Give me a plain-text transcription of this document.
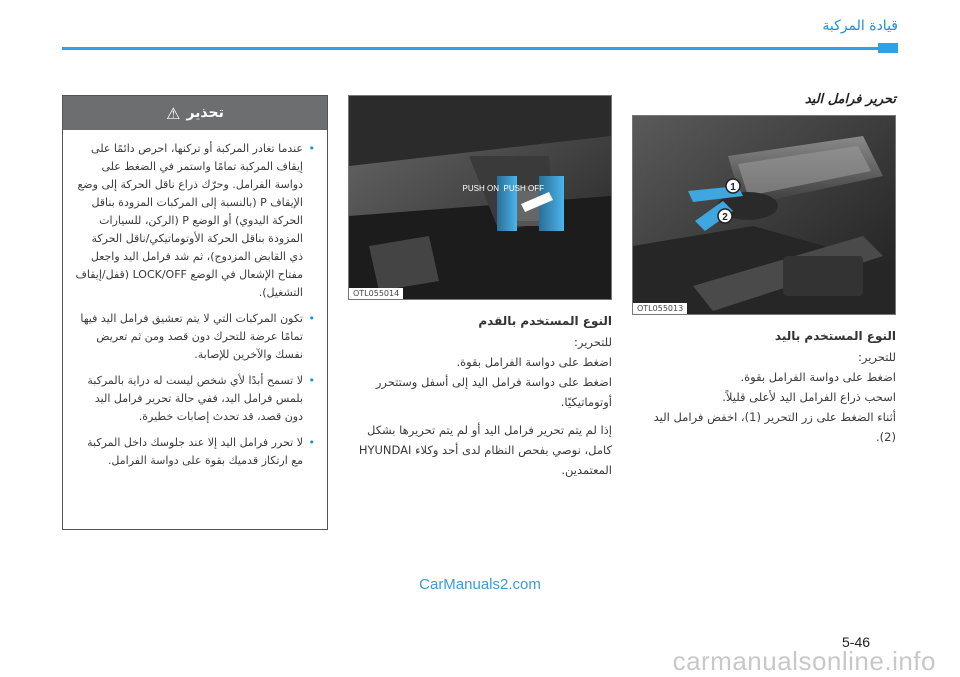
قيادة المركبة
تحرير فرامل اليد
1
2
OTL055013
النوع المستخدم باليد

للتحرير:

اضغط على دواسة الفرامل بقوة.

اسحب ذراع الفرامل اليد لأعلى قليلاً.

أثناء الضغط على زر التحرير (1)، اخفض فرامل اليد (2).

PUSH ON PUSH OFF
OTL055014
النوع المستخدم بالقدم

للتحرير:

اضغط على دواسة الفرامل بقوة.

اضغط على دواسة فرامل اليد إلى أسفل وستتحرر أوتوماتيكيًا.

إذا لم يتم تحرير فرامل اليد أو لم يتم تحريرها بشكل كامل، نوصي بفحص النظام لدى أحد وكلاء HYUNDAI المعتمدين.

تحذير
⚠
• عندما تغادر المركبة أو تركنها، احرص دائمًا على إيقاف المركبة تمامًا واستمر في الضغط على دواسة الفرامل. وحرّك ذراع ناقل الحركة إلى وضع الإيقاف P (بالنسبة إلى المركبات المزودة بناقل الحركة اليدوي) أو الوضع P (الركن، للسيارات المزودة بناقل الحركة الأوتوماتيكي/ناقل الحركة ذي القابض المزدوج)، ثم شد فرامل اليد واجعل مفتاح الإشعال في الوضع LOCK/OFF (قفل/إيقاف التشغيل).
• تكون المركبات التي لا يتم تعشيق فرامل اليد فيها تمامًا عرضة للتحرك دون قصد ومن ثم تعريض نفسك والآخرين للإصابة.
• لا تسمح أبدًا لأي شخص ليست له دراية بالمركبة بلمس فرامل اليد، ففي حالة تحرير فرامل اليد دون قصد، قد تحدث إصابات خطيرة.
• لا تحرر فرامل اليد إلا عند جلوسك داخل المركبة مع ارتكاز قدميك بقوة على دواسة الفرامل.
CarManuals2.com
5-46
carmanualsonline.info
